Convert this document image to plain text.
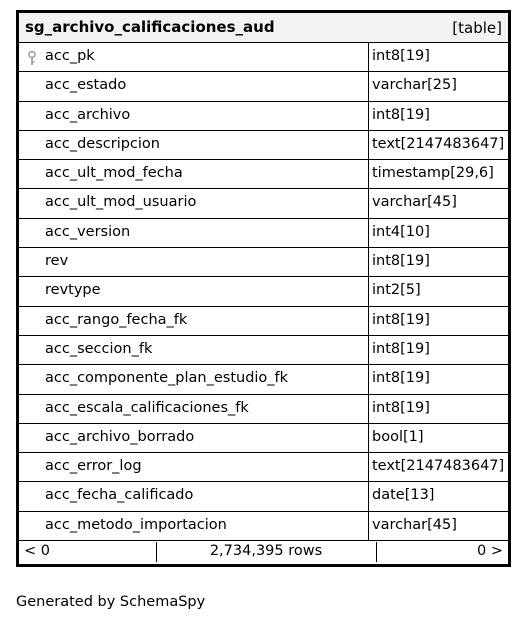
sg_archivo_calificaciones_aud	[table]
acc_pk	int8[19]
acc_estado	varchar[25]
acc_archivo	int8[19]
acc_descripcion	text[2147483647]
acc_ult_mod_fecha	timestamp[29,6]
acc_ult_mod_usuario	varchar[45]
acc_version	int4[10]
rev	int8[19]
revtype	int2[5]
acc_rango_fecha_fk	int8[19]
acc_seccion_fk	int8[19]
acc_componente_plan_estudio_fk	int8[19]
acc_escala_calificaciones_fk	int8[19]
acc_archivo_borrado	bool[1]
acc_error_log	text[2147483647]
acc_fecha_calificado	date[13]
acc_metodo_importacion	varchar[45]
< 0	2,734,395 rows	0 >
Generated by SchemaSpy
